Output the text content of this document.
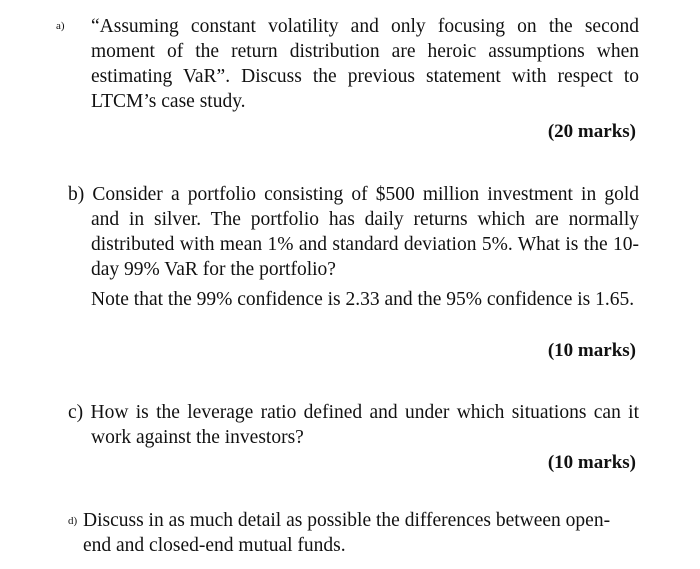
a) “Assuming constant volatility and only focusing on the second moment of the return distribution are heroic assumptions when estimating VaR”. Discuss the previous statement with respect to LTCM’s case study.

(20 marks)

b) Consider a portfolio consisting of $500 million investment in gold and in silver. The portfolio has daily returns which are normally distributed with mean 1% and standard deviation 5%. What is the 10-day 99% VaR for the portfolio?

Note that the 99% confidence is 2.33 and the 95% confidence is 1.65.

(10 marks)

c) How is the leverage ratio defined and under which situations can it work against the investors?

(10 marks)

d) Discuss in as much detail as possible the differences between open-end and closed-end mutual funds.
